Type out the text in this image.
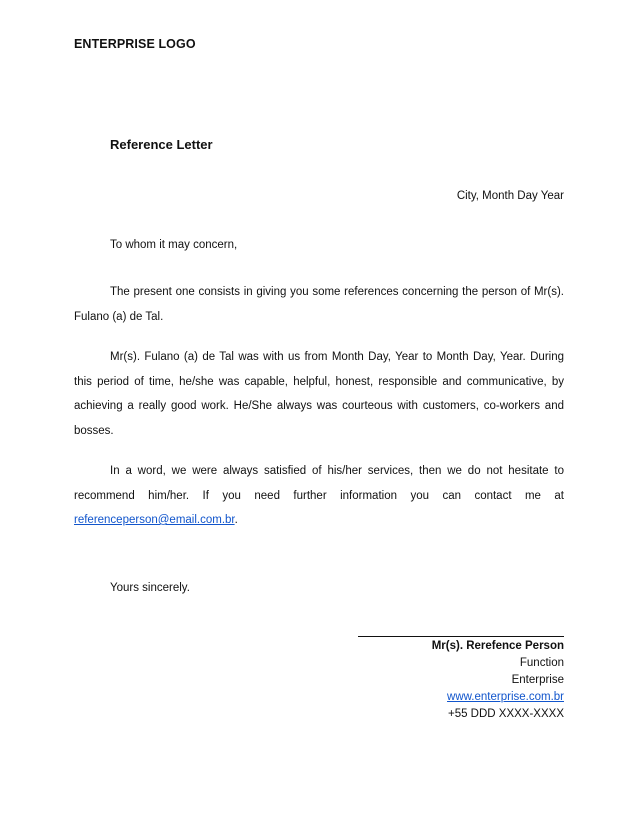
ENTERPRISE LOGO
Reference Letter
City, Month Day Year

To whom it may concern,

The present one consists in giving you some references concerning the person of Mr(s). Fulano (a) de Tal.

Mr(s). Fulano (a) de Tal was with us from Month Day, Year to Month Day, Year. During this period of time, he/she was capable, helpful, honest, responsible and communicative, by achieving a really good work. He/She always was courteous with customers, co-workers and bosses.

In a word, we were always satisfied of his/her services, then we do not hesitate to recommend him/her. If you need further information you can contact me at referenceperson@email.com.br.

Yours sincerely.

Mr(s). Rerefence Person
Function
Enterprise
www.enterprise.com.br
+55 DDD XXXX-XXXX
